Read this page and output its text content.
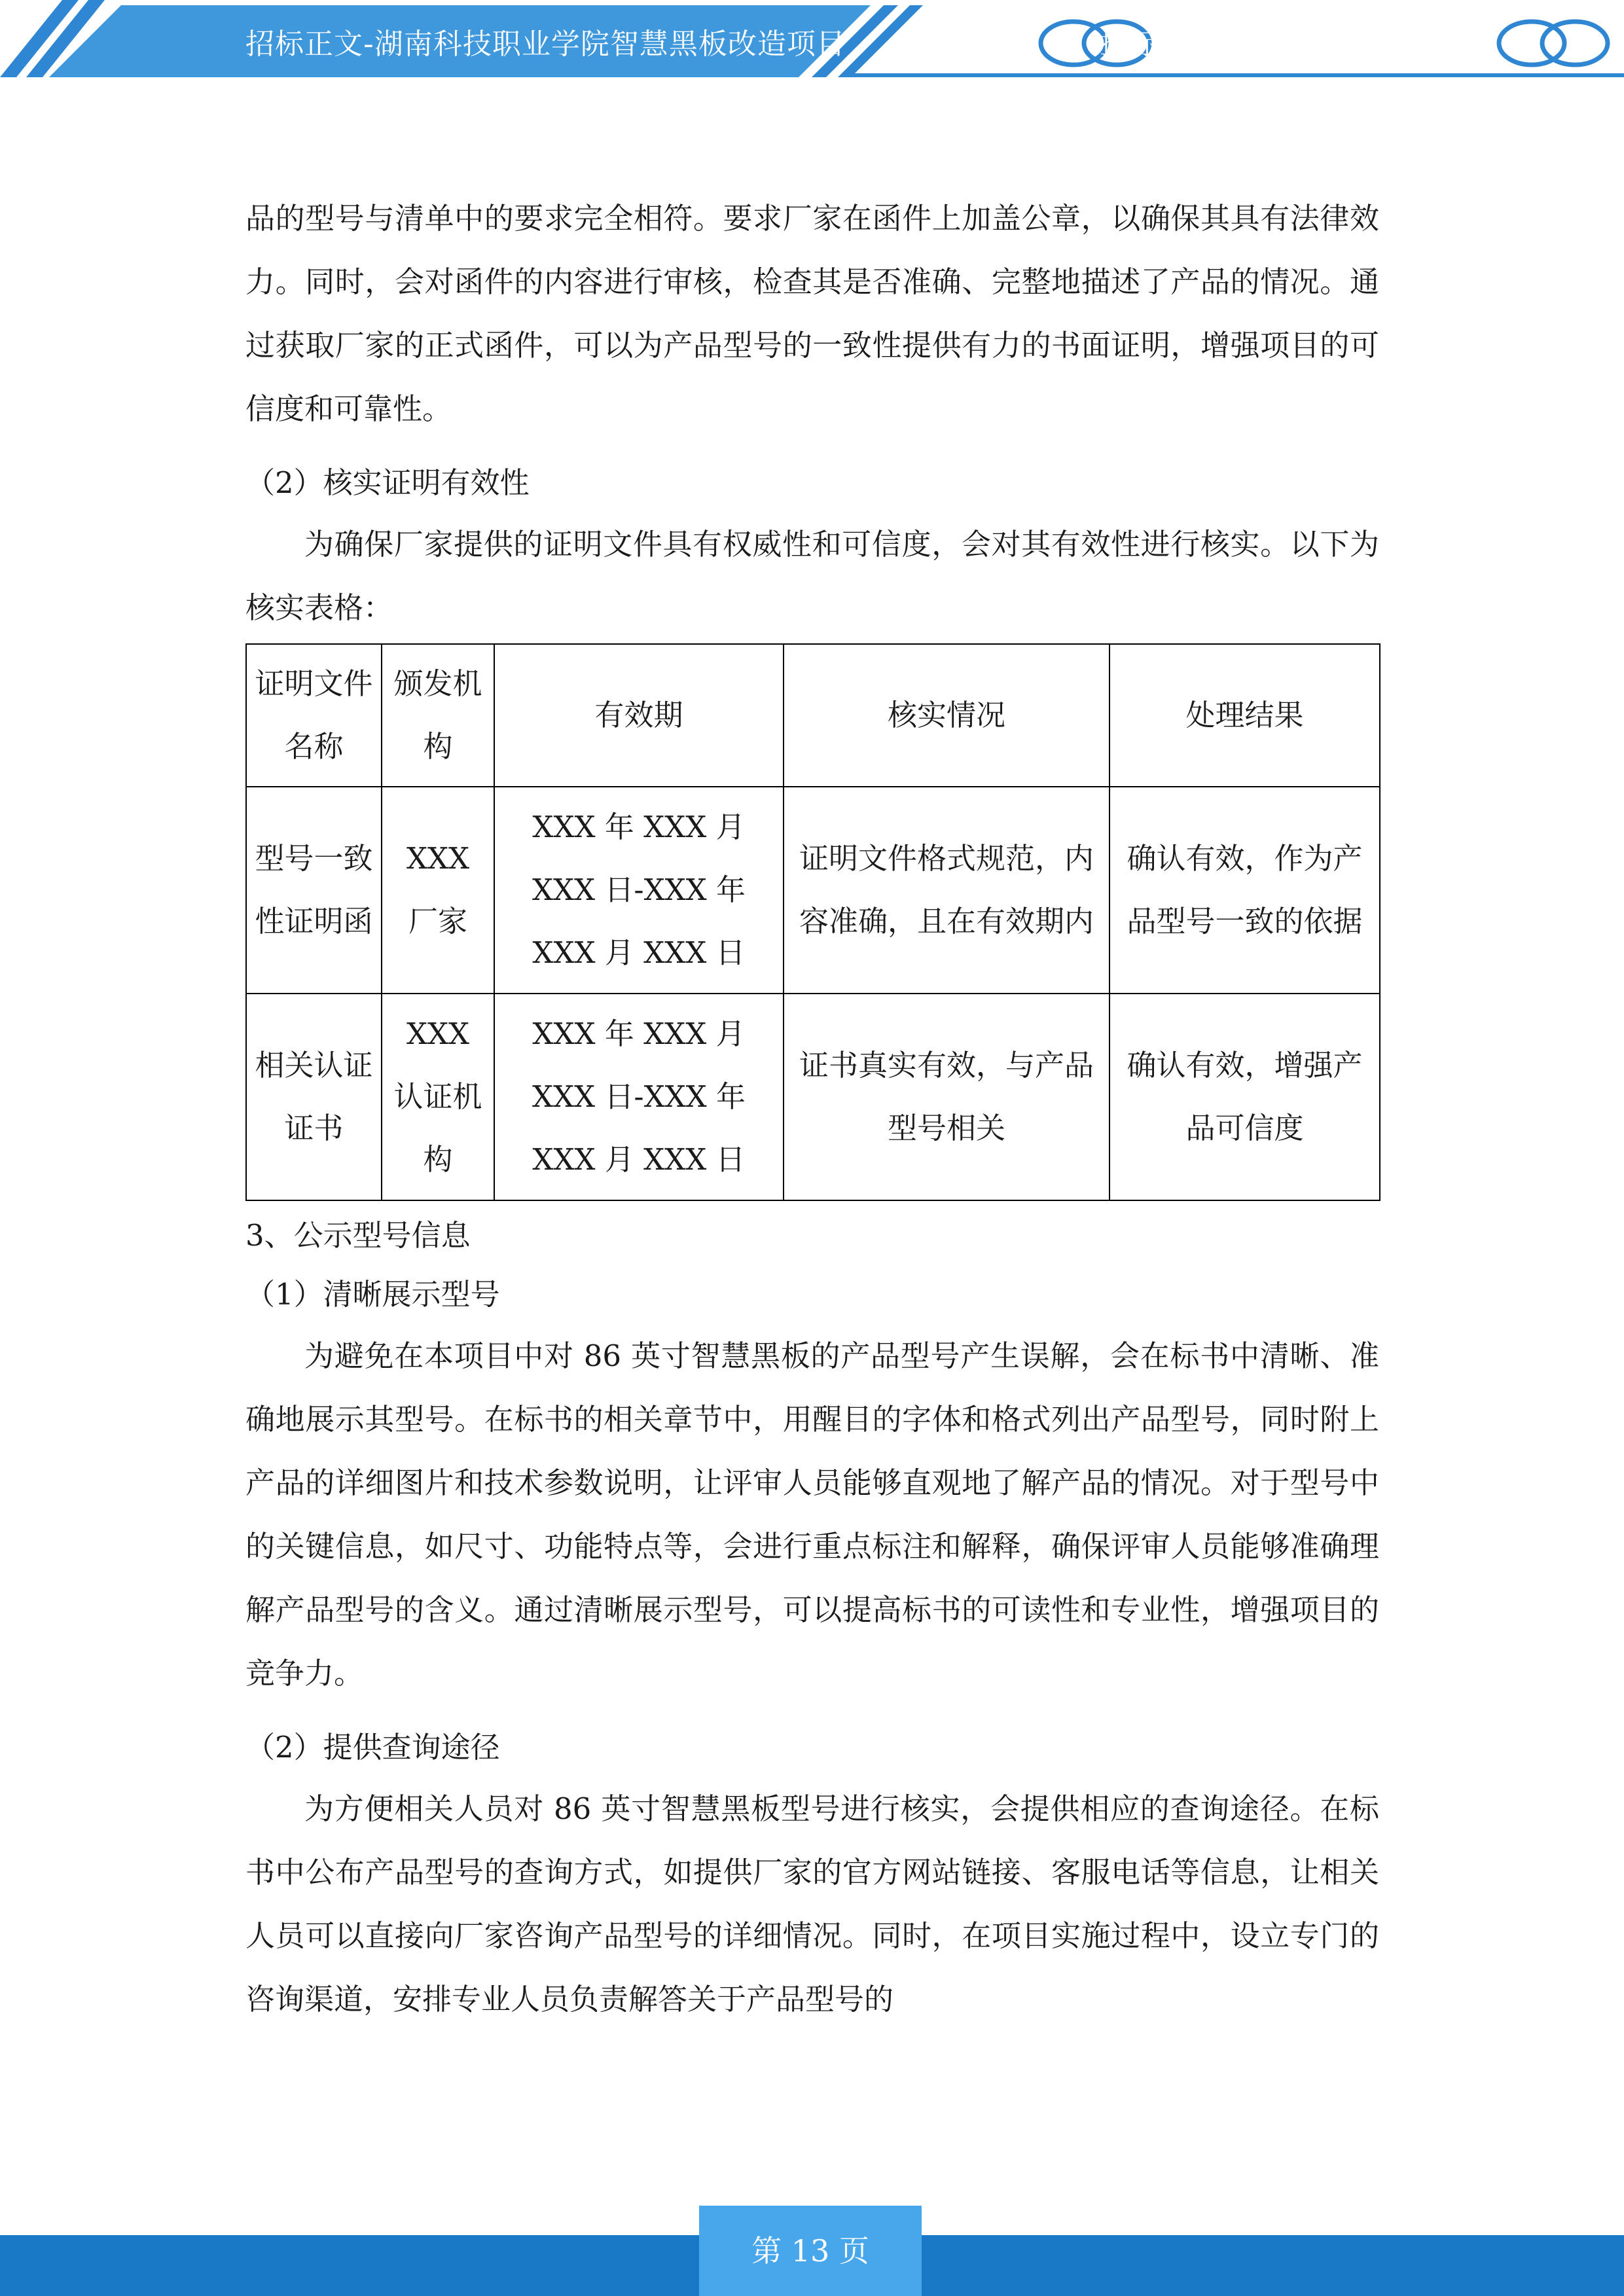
招标正文-湖南科技职业学院智慧黑板改造项目	投标

品的型号与清单中的要求完全相符。要求厂家在函件上加盖公章，以确保其具有法律效力。同时，会对函件的内容进行审核，检查其是否准确、完整地描述了产品的情况。通过获取厂家的正式函件，可以为产品型号的一致性提供有力的书面证明，增强项目的可信度和可靠性。

（2）核实证明有效性

为确保厂家提供的证明文件具有权威性和可信度，会对其有效性进行核实。以下为核实表格：

证明文件名称	颁发机构	有效期	核实情况	处理结果
型号一致性证明函	XXX 厂家	XXX 年 XXX 月 XXX 日-XXX 年 XXX 月 XXX 日	证明文件格式规范，内容准确，且在有效期内	确认有效，作为产品型号一致的依据
相关认证证书	XXX 认证机构	XXX 年 XXX 月 XXX 日-XXX 年 XXX 月 XXX 日	证书真实有效，与产品型号相关	确认有效，增强产品可信度

3、公示型号信息

（1）清晰展示型号

为避免在本项目中对 86 英寸智慧黑板的产品型号产生误解，会在标书中清晰、准确地展示其型号。在标书的相关章节中，用醒目的字体和格式列出产品型号，同时附上产品的详细图片和技术参数说明，让评审人员能够直观地了解产品的情况。对于型号中的关键信息，如尺寸、功能特点等，会进行重点标注和解释，确保评审人员能够准确理解产品型号的含义。通过清晰展示型号，可以提高标书的可读性和专业性，增强项目的竞争力。

（2）提供查询途径

为方便相关人员对 86 英寸智慧黑板型号进行核实，会提供相应的查询途径。在标书中公布产品型号的查询方式，如提供厂家的官方网站链接、客服电话等信息，让相关人员可以直接向厂家咨询产品型号的详细情况。同时，在项目实施过程中，设立专门的咨询渠道，安排专业人员负责解答关于产品型号的

第 13 页
